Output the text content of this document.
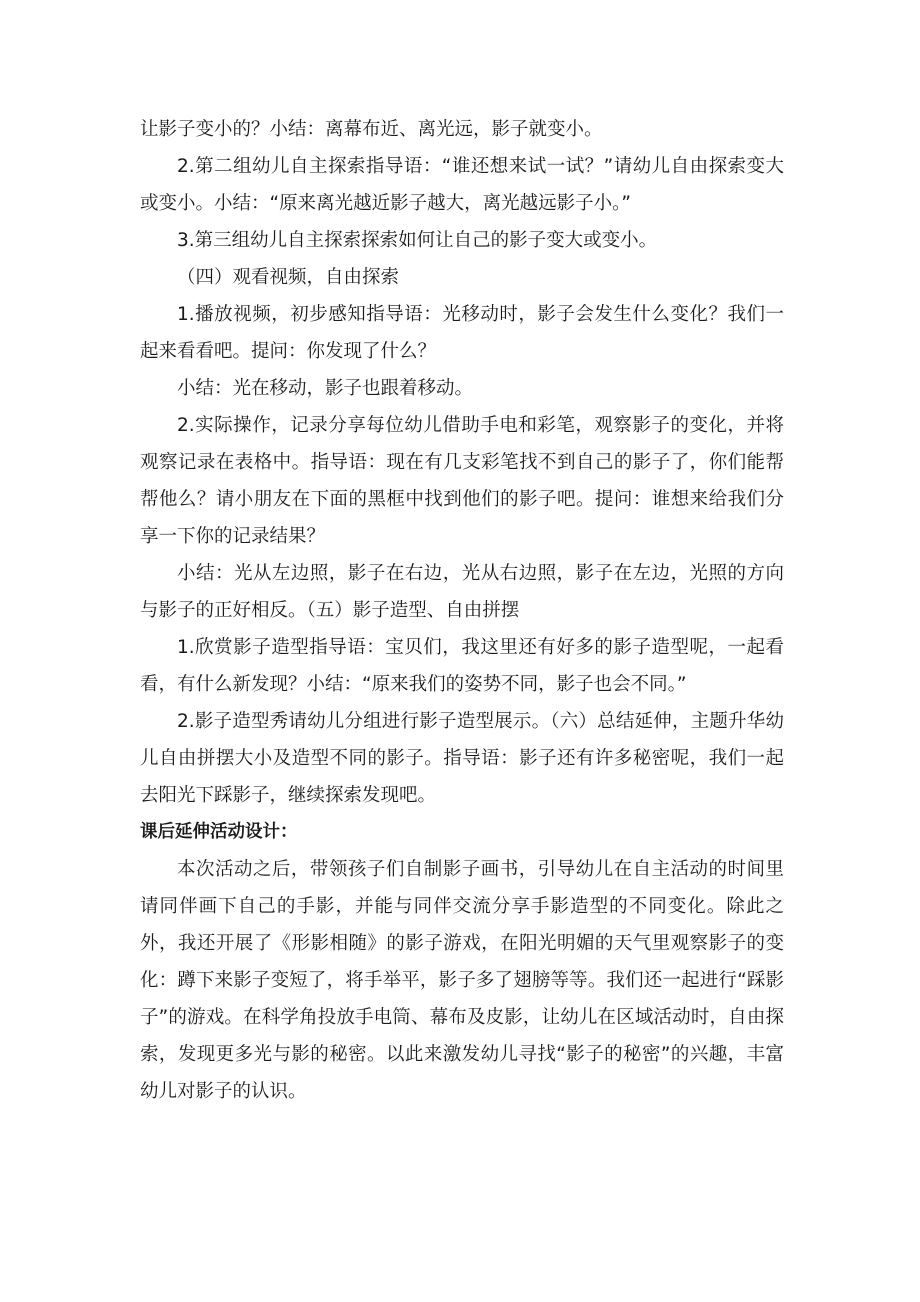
让影子变小的？小结：离幕布近、离光远，影子就变小。

2.第二组幼儿自主探索指导语：“谁还想来试一试？”请幼儿自由探索变大或变小。小结：“原来离光越近影子越大，离光越远影子小。”

3.第三组幼儿自主探索探索如何让自己的影子变大或变小。

（四）观看视频，自由探索

1.播放视频，初步感知指导语：光移动时，影子会发生什么变化？我们一起来看看吧。提问：你发现了什么？

小结：光在移动，影子也跟着移动。

2.实际操作，记录分享每位幼儿借助手电和彩笔，观察影子的变化，并将观察记录在表格中。指导语：现在有几支彩笔找不到自己的影子了，你们能帮帮他么？请小朋友在下面的黑框中找到他们的影子吧。提问：谁想来给我们分享一下你的记录结果？

小结：光从左边照，影子在右边，光从右边照，影子在左边，光照的方向与影子的正好相反。（五）影子造型、自由拼摆

1.欣赏影子造型指导语：宝贝们，我这里还有好多的影子造型呢，一起看看，有什么新发现？小结：“原来我们的姿势不同，影子也会不同。”

2.影子造型秀请幼儿分组进行影子造型展示。（六）总结延伸，主题升华幼儿自由拼摆大小及造型不同的影子。指导语：影子还有许多秘密呢，我们一起去阳光下踩影子，继续探索发现吧。

课后延伸活动设计：

本次活动之后，带领孩子们自制影子画书，引导幼儿在自主活动的时间里请同伴画下自己的手影，并能与同伴交流分享手影造型的不同变化。除此之外，我还开展了《形影相随》的影子游戏，在阳光明媚的天气里观察影子的变化：蹲下来影子变短了，将手举平，影子多了翅膀等等。我们还一起进行“踩影子”的游戏。在科学角投放手电筒、幕布及皮影，让幼儿在区域活动时，自由探索，发现更多光与影的秘密。以此来激发幼儿寻找“影子的秘密”的兴趣，丰富幼儿对影子的认识。
